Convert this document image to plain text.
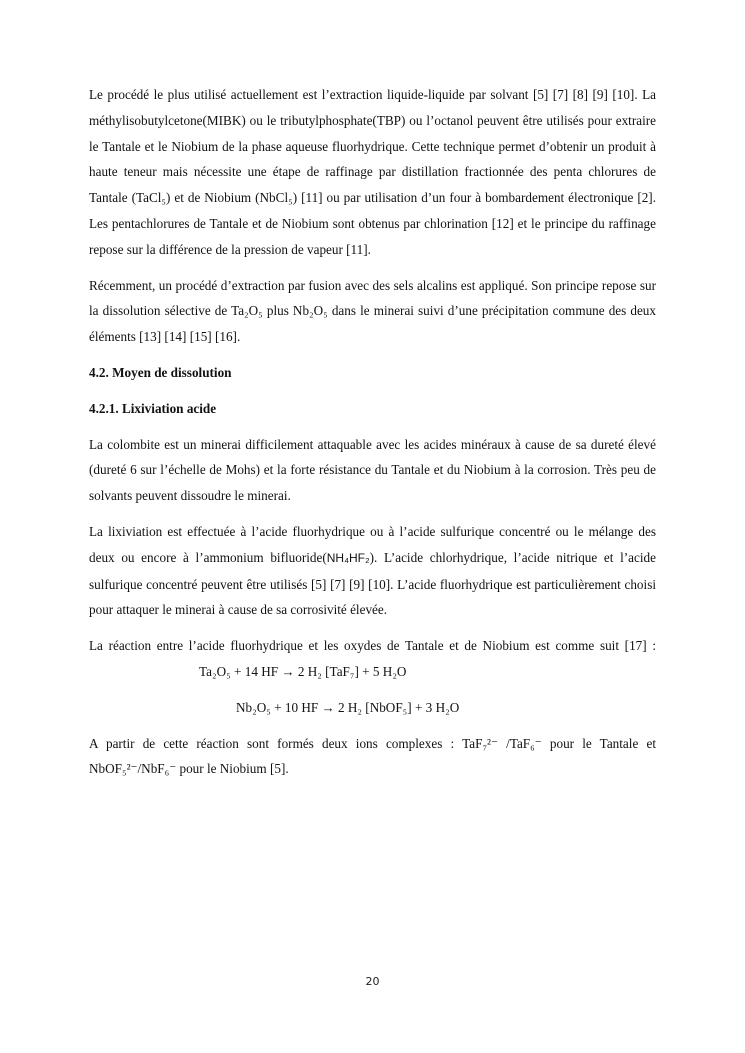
Le procédé le plus utilisé actuellement est l’extraction liquide-liquide par solvant [5] [7] [8] [9] [10]. La méthylisobutylcetone(MIBK) ou le tributylphosphate(TBP) ou l’octanol peuvent être utilisés pour extraire le Tantale et le Niobium de la phase aqueuse fluorhydrique. Cette technique permet d’obtenir un produit à haute teneur mais nécessite une étape de raffinage par distillation fractionnée des penta chlorures de Tantale (TaCl₅) et de Niobium (NbCl₅) [11] ou par utilisation d’un four à bombardement électronique [2]. Les pentachlorures de Tantale et de Niobium sont obtenus par chlorination [12] et le principe du raffinage repose sur la différence de la pression de vapeur [11].

Récemment, un procédé d’extraction par fusion avec des sels alcalins est appliqué. Son principe repose sur la dissolution sélective de Ta₂O₅ plus Nb₂O₅ dans le minerai suivi d’une précipitation commune des deux éléments [13] [14] [15] [16].

4.2. Moyen de dissolution

4.2.1. Lixiviation acide

La colombite est un minerai difficilement attaquable avec les acides minéraux à cause de sa dureté élevé (dureté 6 sur l’échelle de Mohs) et la forte résistance du Tantale et du Niobium à la corrosion. Très peu de solvants peuvent dissoudre le minerai.

La lixiviation est effectuée à l’acide fluorhydrique ou à l’acide sulfurique concentré ou le mélange des deux ou encore à l’ammonium bifluoride(NH₄HF₂). L’acide chlorhydrique, l’acide nitrique et l’acide sulfurique concentré peuvent être utilisés [5] [7] [9] [10]. L’acide fluorhydrique est particulièrement choisi pour attaquer le minerai à cause de sa corrosivité élevée.

La réaction entre l’acide fluorhydrique et les oxydes de Tantale et de Niobium est comme suit [17] :Ta₂O₅ + 14 HF → 2 H₂ [TaF₇] + 5 H₂O

Nb₂O₅ + 10 HF → 2 H₂ [NbOF₅] + 3 H₂O

A partir de cette réaction sont formés deux ions complexes : TaF₇²⁻ /TaF₆⁻ pour le Tantale et NbOF₅²⁻/NbF₆⁻ pour le Niobium [5].

20
